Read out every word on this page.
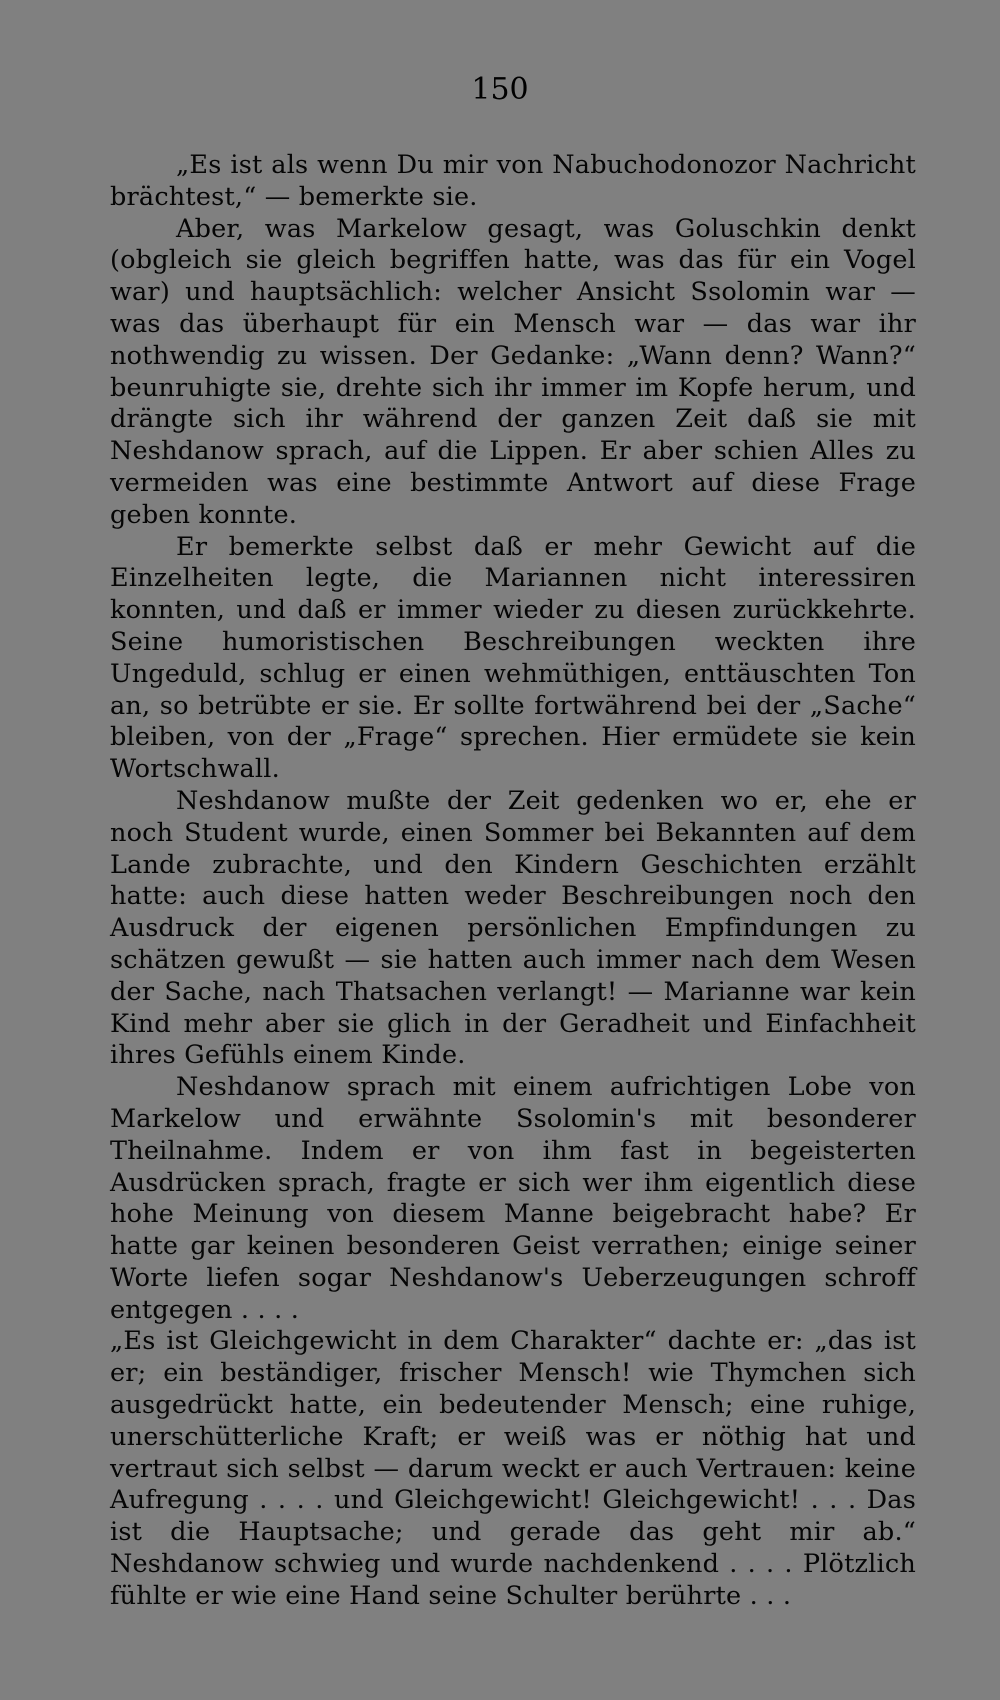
150

„Es ist als wenn Du mir von Nabuchodonozor Nachricht brächtest,“ — bemerkte sie.

Aber, was Markelow gesagt, was Goluschkin denkt (obgleich sie gleich begriffen hatte, was das für ein Vogel war) und hauptsächlich: welcher Ansicht Ssolomin war — was das überhaupt für ein Mensch war — das war ihr nothwendig zu wissen. Der Gedanke: „Wann denn? Wann?“ beunruhigte sie, drehte sich ihr immer im Kopfe herum, und drängte sich ihr während der ganzen Zeit daß sie mit Neshdanow sprach, auf die Lippen. Er aber schien Alles zu vermeiden was eine bestimmte Antwort auf diese Frage geben konnte.

Er bemerkte selbst daß er mehr Gewicht auf die Einzelheiten legte, die Mariannen nicht interessiren konnten, und daß er immer wieder zu diesen zurückkehrte. Seine humoristischen Beschreibungen weckten ihre Ungeduld, schlug er einen wehmüthigen, enttäuschten Ton an, so betrübte er sie. Er sollte fortwährend bei der „Sache“ bleiben, von der „Frage“ sprechen. Hier ermüdete sie kein Wortschwall.

Neshdanow mußte der Zeit gedenken wo er, ehe er noch Student wurde, einen Sommer bei Bekannten auf dem Lande zubrachte, und den Kindern Geschichten erzählt hatte: auch diese hatten weder Beschreibungen noch den Ausdruck der eigenen persönlichen Empfindungen zu schätzen gewußt — sie hatten auch immer nach dem Wesen der Sache, nach Thatsachen verlangt! — Marianne war kein Kind mehr aber sie glich in der Geradheit und Einfachheit ihres Gefühls einem Kinde.

Neshdanow sprach mit einem aufrichtigen Lobe von Markelow und erwähnte Ssolomin's mit besonderer Theilnahme. Indem er von ihm fast in begeisterten Ausdrücken sprach, fragte er sich wer ihm eigentlich diese hohe Meinung von diesem Manne beigebracht habe? Er hatte gar keinen besonderen Geist verrathen; einige seiner Worte liefen sogar Neshdanow's Ueberzeugungen schroff entgegen . . . .

„Es ist Gleichgewicht in dem Charakter“ dachte er: „das ist er; ein beständiger, frischer Mensch! wie Thymchen sich ausgedrückt hatte, ein bedeutender Mensch; eine ruhige, unerschütterliche Kraft; er weiß was er nöthig hat und vertraut sich selbst — darum weckt er auch Vertrauen: keine Aufregung . . . . und Gleichgewicht! Gleichgewicht! . . . Das ist die Hauptsache; und gerade das geht mir ab.“ Neshdanow schwieg und wurde nachdenkend . . . . Plötzlich fühlte er wie eine Hand seine Schulter berührte . . .
